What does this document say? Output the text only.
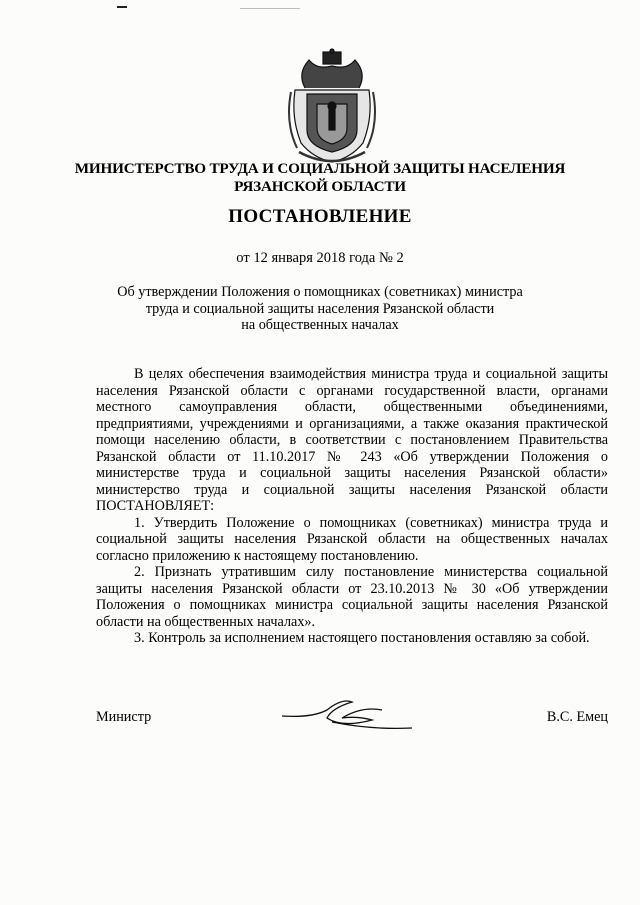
МИНИСТЕРСТВО ТРУДА И СОЦИАЛЬНОЙ ЗАЩИТЫ НАСЕЛЕНИЯ
РЯЗАНСКОЙ ОБЛАСТИ
ПОСТАНОВЛЕНИЕ
от 12 января 2018 года № 2
Об утверждении Положения о помощниках (советниках) министра
труда и социальной защиты населения Рязанской области
на общественных началах

В целях обеспечения взаимодействия министра труда и социальной защиты населения Рязанской области с органами государственной власти, органами местного самоуправления области, общественными объединениями, предприятиями, учреждениями и организациями, а также оказания практической помощи населению области, в соответствии с постановлением Правительства Рязанской области от 11.10.2017 № 243 «Об утверждении Положения о министерстве труда и социальной защиты населения Рязанской области» министерство труда и социальной защиты населения Рязанской области ПОСТАНОВЛЯЕТ:

1. Утвердить Положение о помощниках (советниках) министра труда и социальной защиты населения Рязанской области на общественных началах согласно приложению к настоящему постановлению.

2. Признать утратившим силу постановление министерства социальной защиты населения Рязанской области от 23.10.2013 № 30 «Об утверждении Положения о помощниках министра социальной защиты населения Рязанской области на общественных началах».

3. Контроль за исполнением настоящего постановления оставляю за собой.

Министр	В.С. Емец
